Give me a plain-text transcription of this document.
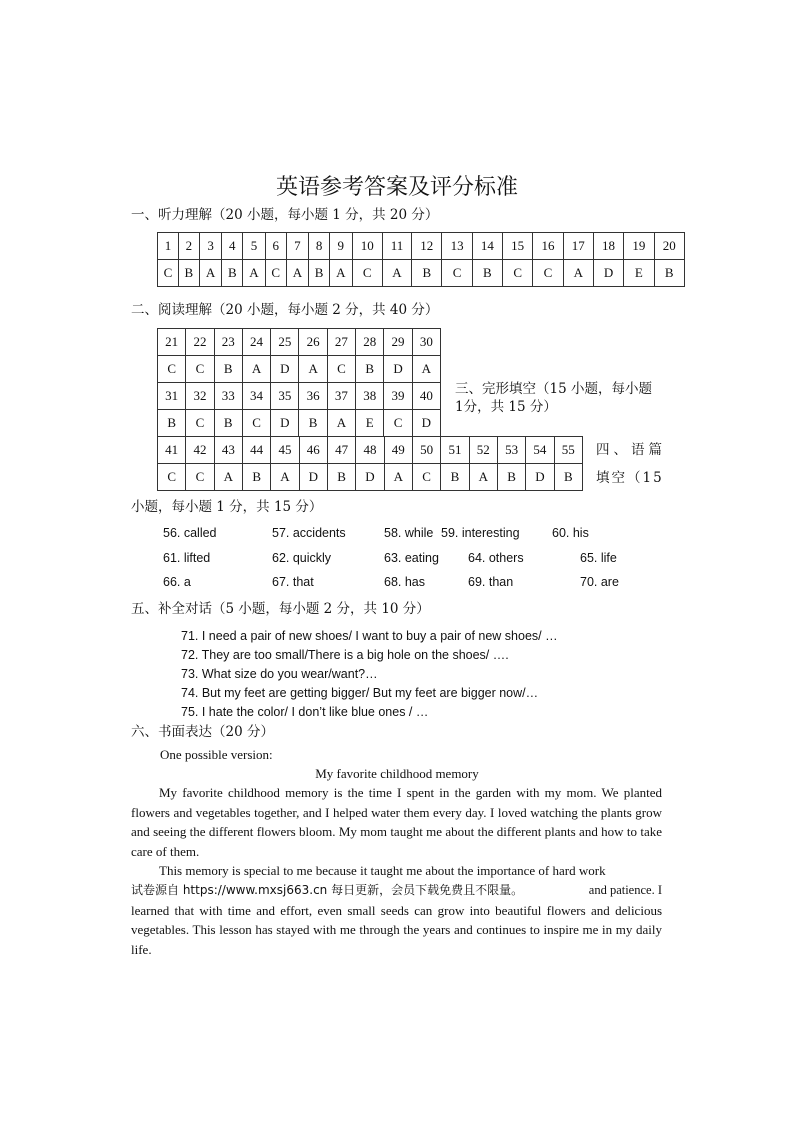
英语参考答案及评分标准
一、听力理解（20 小题，每小题 1 分，共 20 分）
1	2	3	4	5	6	7	8	9	10	11	12	13	14	15	16	17	18	19	20
C	B	A	B	A	C	A	B	A	C	A	B	C	B	C	C	A	D	E	B
二、阅读理解（20 小题，每小题 2 分，共 40 分）
21	22	23	24	25	26	27	28	29	30
C	C	B	A	D	A	C	B	D	A
31	32	33	34	35	36	37	38	39	40
B	C	B	C	D	B	A	E	C	D
三、完形填空（15 小题，每小题
1分，共 15 分）
41	42	43	44	45	46	47	48	49	50	51	52	53	54	55
C	C	A	B	A	D	B	D	A	C	B	A	B	D	B
四、语篇
填空（15
小题，每小题 1 分，共 15 分）
56. called	57. accidents	58. while 59. interesting	60. his
61. lifted	62. quickly	63. eating 64. others	65. life
66. a	67. that	68. has	69. than	70. are
五、补全对话（5 小题，每小题 2 分，共 10 分）
71. I need a pair of new shoes/ I want to buy a pair of new shoes/ …
72. They are too small/There is a big hole on the shoes/ ….
73. What size do you wear/want?…
74. But my feet are getting bigger/ But my feet are bigger now/…
75. I hate the color/ I don’t like blue ones / …
六、书面表达（20 分）
One possible version:
My favorite childhood memory

My favorite childhood memory is the time I spent in the garden with my mom. We planted flowers and vegetables together, and I helped water them every day. I loved watching the plants grow and seeing the different flowers bloom. My mom taught me about the different plants and how to take care of them.

This memory is special to me because it taught me about the importance of hard work

试卷源自 https://www.mxsj663.cn 每日更新，会员下载免费且不限量。	and patience. I
learned that with time and effort, even small seeds can grow into beautiful flowers and delicious vegetables. This lesson has stayed with me through the years and continues to inspire me in my daily life.
